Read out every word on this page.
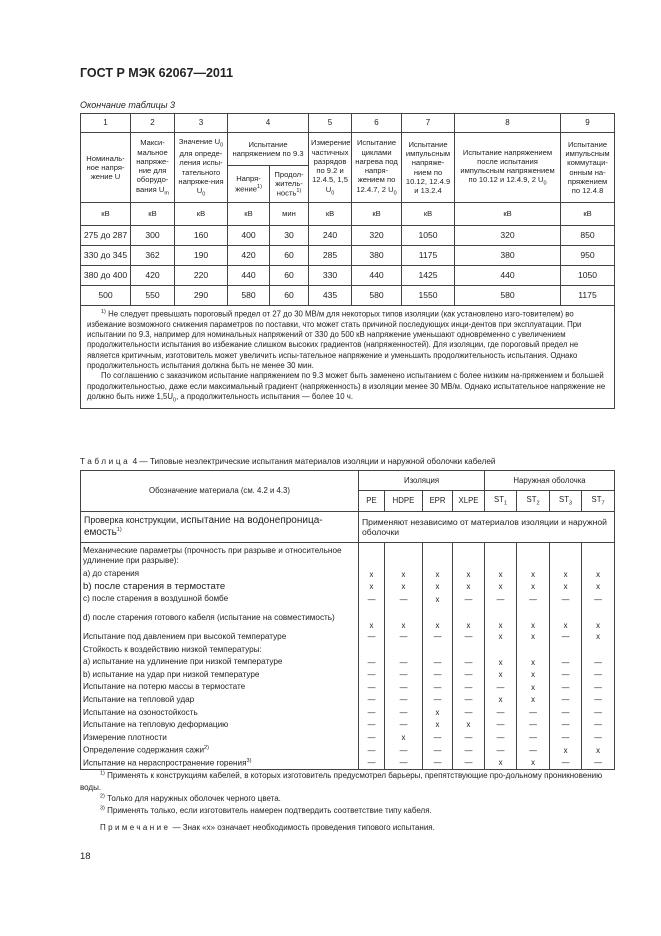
ГОСТ Р МЭК 62067—2011
Окончание таблицы 3
1	2	3	4		5	6	7	8	9
Номиналь-ное напря-жение U	Макси-мальное напряже-ние для оборудо-вания $U_m$	Значение $U_0$ для опреде-ления испы-тательного напряже-ния $U_0$	Испытание напряжением по 9.3		Измерение частичных разрядов по 9.2 и 12.4.5, 1,5 $U_0$	Испытание циклами нагрева под напря-жением по 12.4.7, 2 $U_0$	Испытание импульсным напряже-нием по 10.12, 12.4.9 и 13.2.4	Испытание напряжением после испытания импульсным напряжением по 10.12 и 12.4.9, 2 $U_0$	Испытание импульсным коммутаци-онным на-пряжением по 12.4.8
			Напря-жение$^{1)}$	Продол-житель-ность$^{1)}$
кВ	кВ	кВ	кВ	мин	кВ	кВ	кВ	кВ	кВ
275 до 287	300	160	400	30	240	320	1050	320	850
330 до 345	362	190	420	60	285	380	1175	380	950
380 до 400	420	220	440	60	330	440	1425	440	1050
500	550	290	580	60	435	580	1550	580	1175

$^{1)}$ Не следует превышать пороговый предел от 27 до 30 МВ/м для некоторых типов изоляции (как установлено изго-товителем) во избежание возможного снижения параметров по поставки, что может стать причиной последующих инци-дентов при эксплуатации. При испытании по 9.3, например для номинальных напряжений от 330 до 500 кВ напряжение уменьшают одновременно с увеличением продолжительности испытания во избежание слишком высоких градиентов (напряженностей). Для изоляции, где пороговый предел не является критичным, изготовитель может увеличить испы-тательное напряжение и уменьшить продолжительность испытания. Однако продолжительность испытания должна быть не менее 30 мин.

По соглашению с заказчиком испытание напряжением по 9.3 может быть заменено испытанием с более низким на-пряжением и большей продолжительностью, даже если максимальный градиент (напряженность) в изоляции менее 30 МВ/м. Однако испытательное напряжение не должно быть ниже $1,5U_0$, а продолжительность испытания — более 10 ч.									

Таблица 4 — Типовые неэлектрические испытания материалов изоляции и наружной оболочки кабелей
Обозначение материала (см. 4.2 и 4.3)	Изоляция				Наружная оболочка			
	PE	HDPE	EPR	XLPE	$ST_1$	$ST_2$	$ST_3$	$ST_7$
Проверка конструкции, испытание на водонепроница-емость$^{1)}$	Применяют независимо от материалов изоляции и наружной оболочки							
Механические параметры (прочность при разрыве и относительное удлинение при разрыве):								
а) до старения	x	x	x	x	x	x	x	x
b) после старения в термостате	x	x	x	x	x	x	x	x
c) после старения в воздушной бомбе	—	—	x	—	—	—	—	—
d) после старения готового кабеля (испытание на совместимость)	x	x	x	x	x	x	x	x
Испытание под давлением при высокой температуре	—	—	—	—	x	x	—	x
Стойкость к воздействию низкой температуры:								
а) испытание на удлинение при низкой температуре	—	—	—	—	x	x	—	—
b) испытание на удар при низкой температуре	—	—	—	—	x	x	—	—
Испытание на потерю массы в термостате	—	—	—	—	—	x	—	—
Испытание на тепловой удар	—	—	—	—	x	x	—	—
Испытание на озоностойкость	—	—	x	—	—	—	—	—
Испытание на тепловую деформацию	—	—	x	x	—	—	—	—
Измерение плотности	—	x	—	—	—	—	—	—
Определение содержания сажи$^{2)}$	—	—	—	—	—	—	x	x
Испытание на нераспространение горения$^{3)}$	—	—	—	—	x	x	—	—

$^{1)}$ Применять к конструкциям кабелей, в которых изготовитель предусмотрел барьеры, препятствующие про-дольному проникновению воды.

$^{2)}$ Только для наружных оболочек черного цвета.

$^{3)}$ Применять только, если изготовитель намерен подтвердить соответствие типу кабеля.

Примечание — Знак «x» означает необходимость проведения типового испытания.

18
